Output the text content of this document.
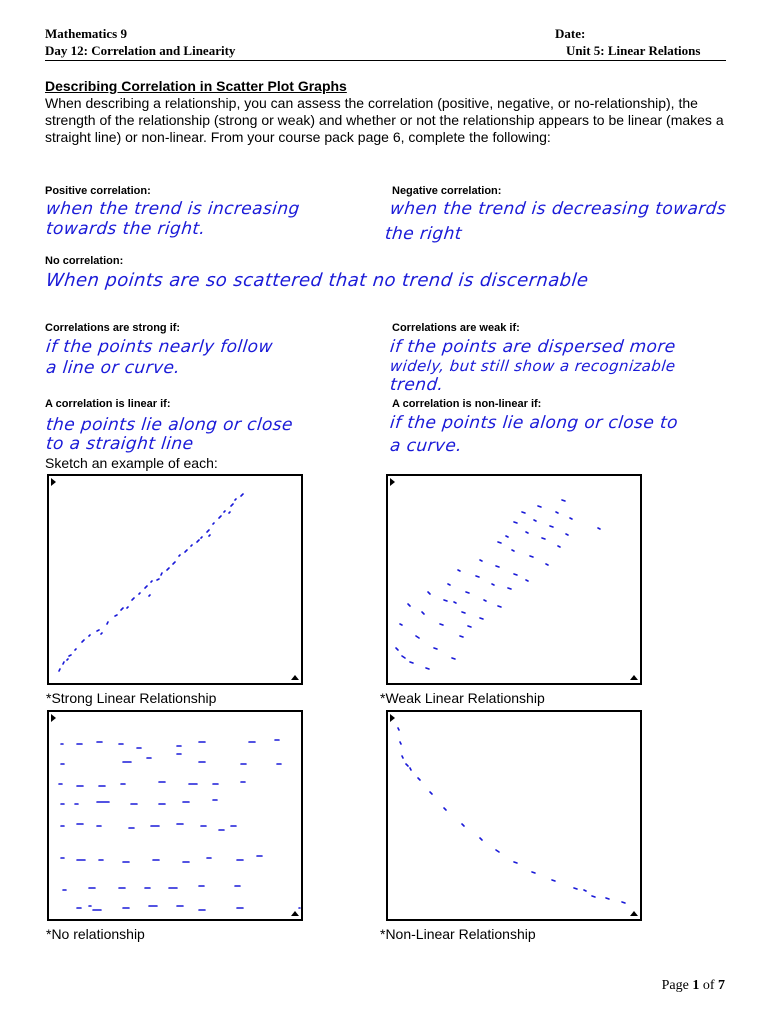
Mathematics 9
Day 12: Correlation and Linearity
Date:
Unit 5: Linear Relations
Describing Correlation in Scatter Plot Graphs
When describing a relationship, you can assess the correlation (positive, negative, or no-relationship), the strength of the relationship (strong or weak) and whether or not the relationship appears to be linear (makes a straight line) or non-linear. From your course pack page 6, complete the following:
Positive correlation:
when the trend is increasing
towards the right.
Negative correlation:
when the trend is decreasing towards
the right
No correlation:
When points are so scattered that no trend is discernable
Correlations are strong if:
if the points nearly follow
a line or curve.
Correlations are weak if:
if the points are dispersed more
widely, but still show a recognizable
trend.
A correlation is linear if:
the points lie along or close
to a straight line
A correlation is non-linear if:
if the points lie along or close to
a curve.
Sketch an example of each:
*Strong Linear Relationship	*Weak Linear Relationship
*No relationship	*Non-Linear Relationship
Page 1 of 7
